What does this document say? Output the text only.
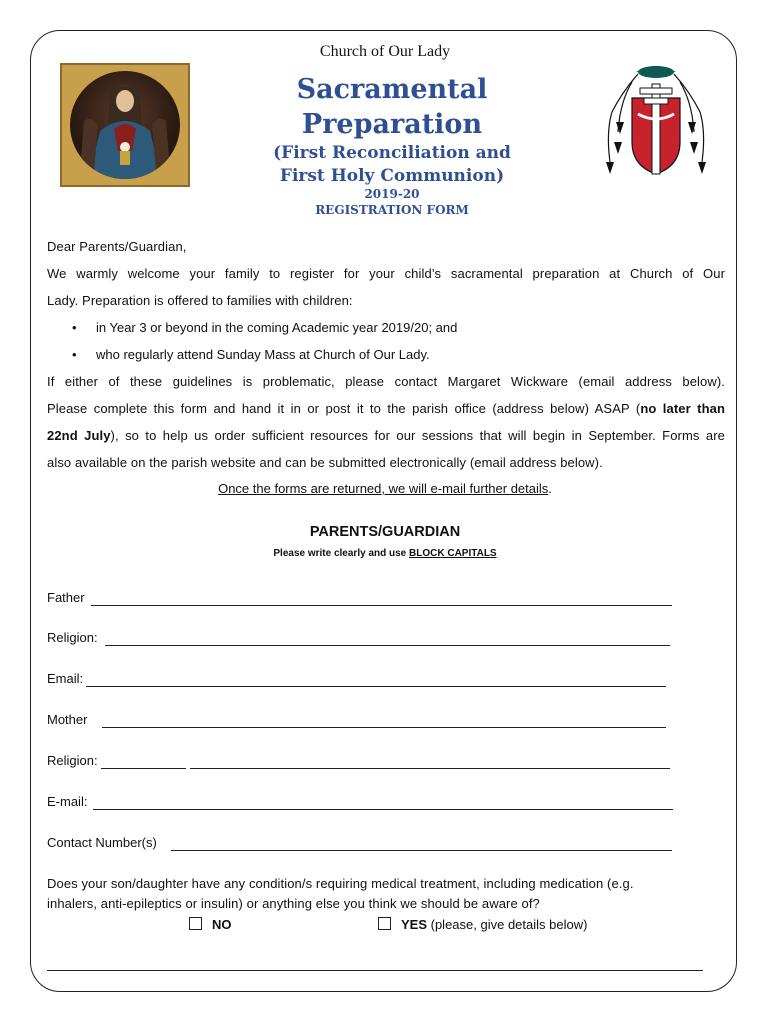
Church of Our Lady
Sacramental
Preparation
(First Reconciliation and
First Holy Communion)
2019-20
REGISTRATION FORM
Dear Parents/Guardian,
We warmly welcome your family to register for your child’s sacramental preparation at Church of Our
Lady. Preparation is offered to families with children:
• in Year 3 or beyond in the coming Academic year 2019/20; and
• who regularly attend Sunday Mass at Church of Our Lady.
If either of these guidelines is problematic, please contact Margaret Wickware (email address below).
Please complete this form and hand it in or post it to the parish office (address below) ASAP (no later than
22nd July), so to help us order sufficient resources for our sessions that will begin in September. Forms are
also available on the parish website and can be submitted electronically (email address below).
Once the forms are returned, we will e-mail further details.
PARENTS/GUARDIAN
Please write clearly and use BLOCK CAPITALS
Father
Religion:
Email:
Mother
Religion:
E-mail:
Contact Number(s)
Does your son/daughter have any condition/s requiring medical treatment, including medication (e.g.
inhalers, anti-epileptics or insulin) or anything else you think we should be aware of?
NO	YES (please, give details below)
